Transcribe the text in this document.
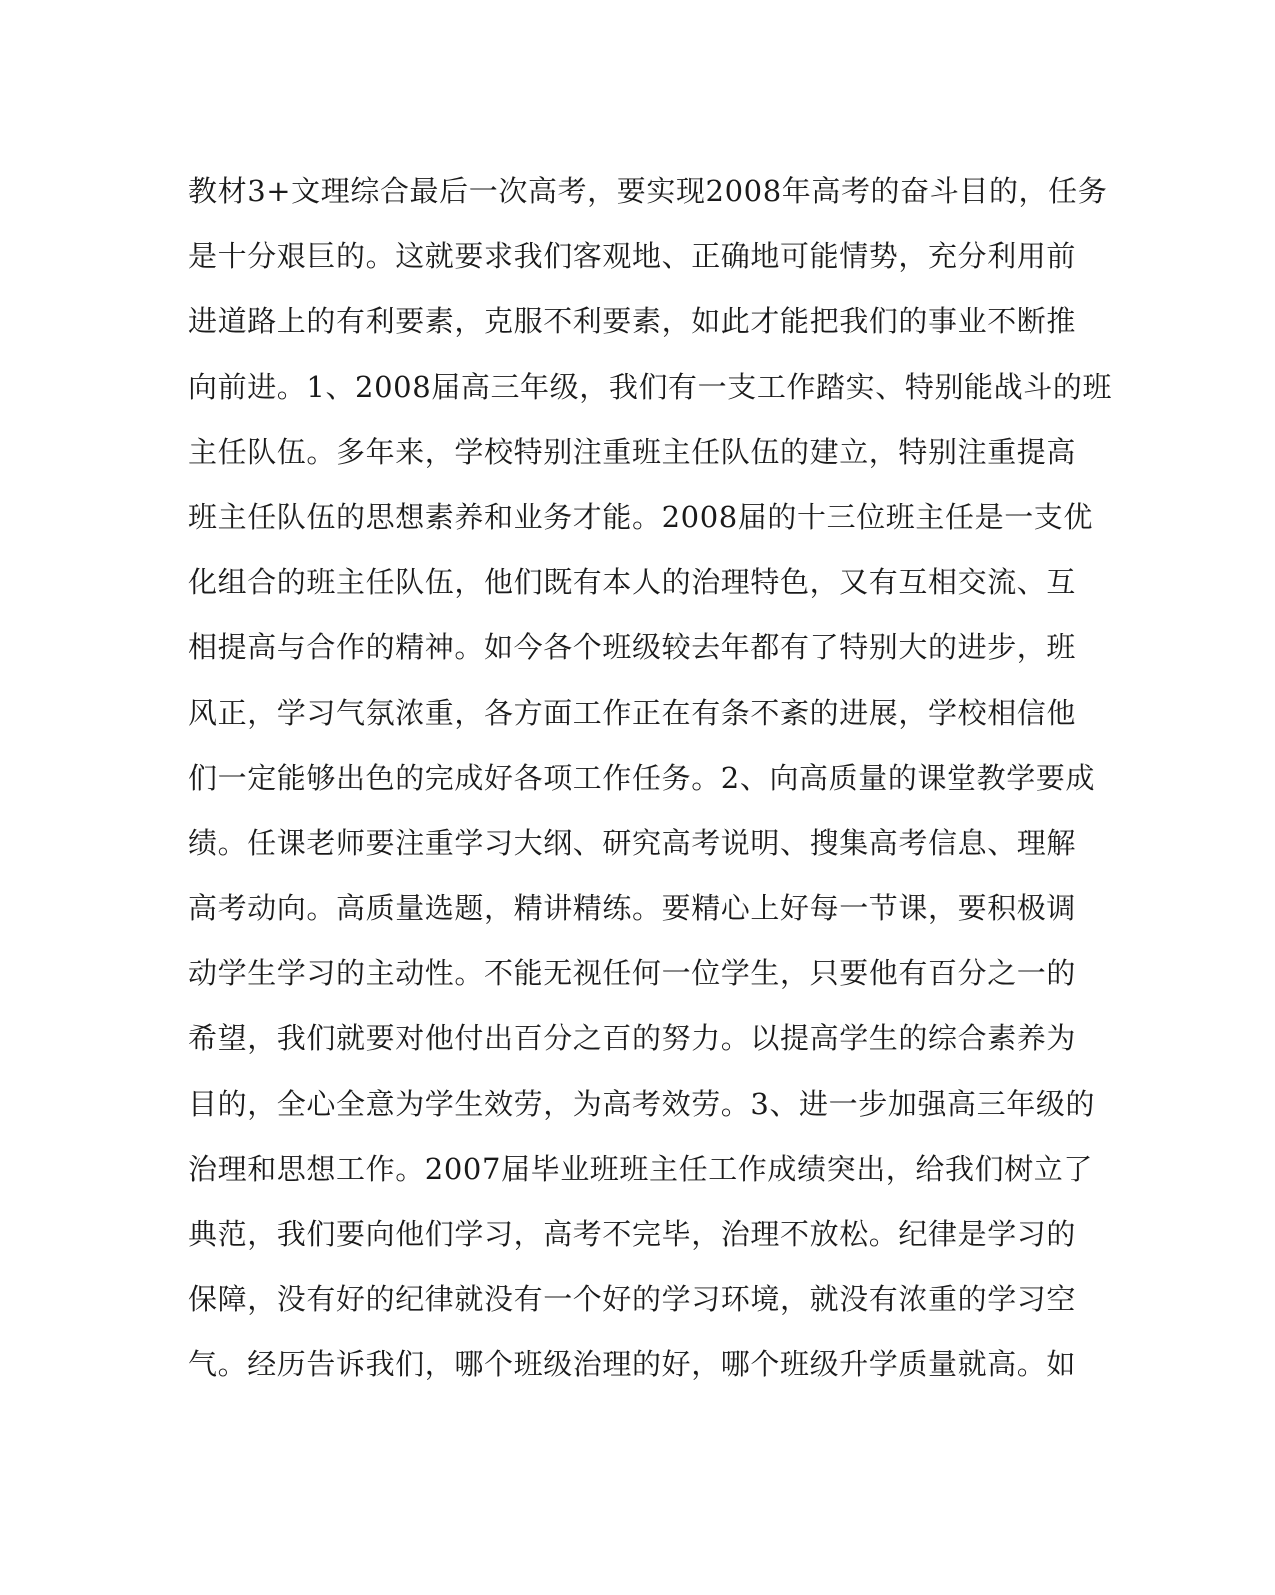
教材3+文理综合最后一次高考，要实现2008年高考的奋斗目的，任务
是十分艰巨的。这就要求我们客观地、正确地可能情势，充分利用前
进道路上的有利要素，克服不利要素，如此才能把我们的事业不断推
向前进。1、2008届高三年级，我们有一支工作踏实、特别能战斗的班
主任队伍。多年来，学校特别注重班主任队伍的建立，特别注重提高
班主任队伍的思想素养和业务才能。2008届的十三位班主任是一支优
化组合的班主任队伍，他们既有本人的治理特色，又有互相交流、互
相提高与合作的精神。如今各个班级较去年都有了特别大的进步，班
风正，学习气氛浓重，各方面工作正在有条不紊的进展，学校相信他
们一定能够出色的完成好各项工作任务。2、向高质量的课堂教学要成
绩。任课老师要注重学习大纲、研究高考说明、搜集高考信息、理解
高考动向。高质量选题，精讲精练。要精心上好每一节课，要积极调
动学生学习的主动性。不能无视任何一位学生，只要他有百分之一的
希望，我们就要对他付出百分之百的努力。以提高学生的综合素养为
目的，全心全意为学生效劳，为高考效劳。3、进一步加强高三年级的
治理和思想工作。2007届毕业班班主任工作成绩突出，给我们树立了
典范，我们要向他们学习，高考不完毕，治理不放松。纪律是学习的
保障，没有好的纪律就没有一个好的学习环境，就没有浓重的学习空
气。经历告诉我们，哪个班级治理的好，哪个班级升学质量就高。如
